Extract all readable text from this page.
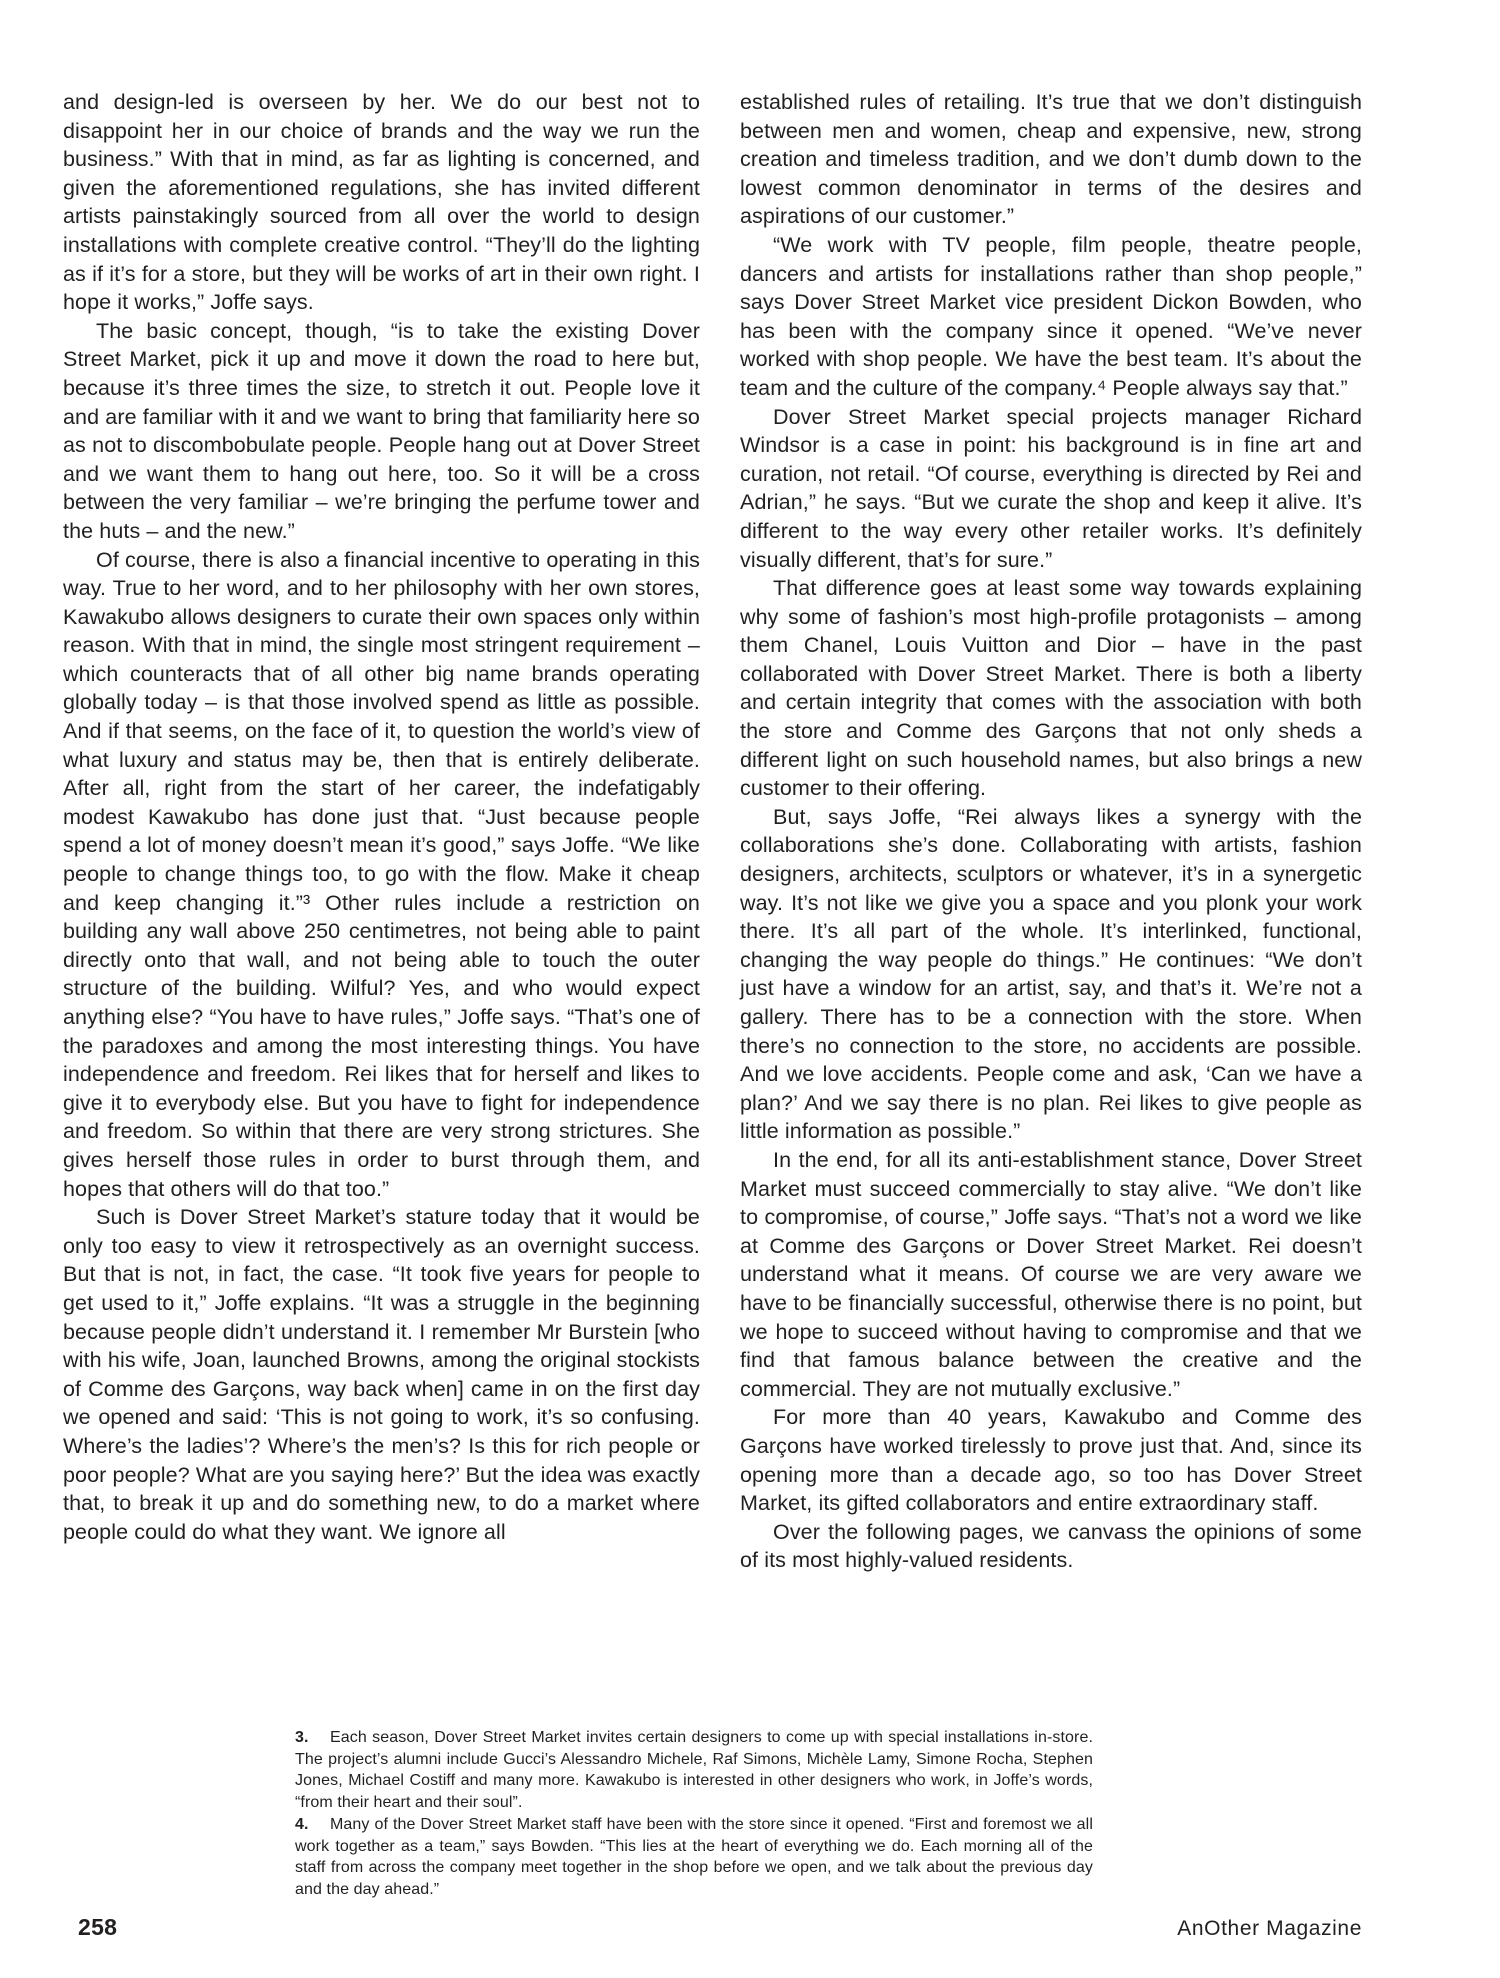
and design-led is overseen by her. We do our best not to disappoint her in our choice of brands and the way we run the business.” With that in mind, as far as lighting is concerned, and given the aforementioned regulations, she has invited different artists painstakingly sourced from all over the world to design installations with complete creative control. “They’ll do the lighting as if it’s for a store, but they will be works of art in their own right. I hope it works,” Joffe says.

The basic concept, though, “is to take the existing Dover Street Market, pick it up and move it down the road to here but, because it’s three times the size, to stretch it out. People love it and are familiar with it and we want to bring that familiarity here so as not to discombobulate people. People hang out at Dover Street and we want them to hang out here, too. So it will be a cross between the very familiar – we’re bringing the perfume tower and the huts – and the new.”

Of course, there is also a financial incentive to operating in this way. True to her word, and to her philosophy with her own stores, Kawakubo allows designers to curate their own spaces only within reason. With that in mind, the single most stringent requirement – which counteracts that of all other big name brands operating globally today – is that those involved spend as little as possible. And if that seems, on the face of it, to question the world’s view of what luxury and status may be, then that is entirely deliberate. After all, right from the start of her career, the indefatigably modest Kawakubo has done just that. “Just because people spend a lot of money doesn’t mean it’s good,” says Joffe. “We like people to change things too, to go with the flow. Make it cheap and keep changing it.”³ Other rules include a restriction on building any wall above 250 centimetres, not being able to paint directly onto that wall, and not being able to touch the outer structure of the building. Wilful? Yes, and who would expect anything else? “You have to have rules,” Joffe says. “That’s one of the paradoxes and among the most interesting things. You have independence and freedom. Rei likes that for herself and likes to give it to everybody else. But you have to fight for independence and freedom. So within that there are very strong strictures. She gives herself those rules in order to burst through them, and hopes that others will do that too.”

Such is Dover Street Market’s stature today that it would be only too easy to view it retrospectively as an overnight success. But that is not, in fact, the case. “It took five years for people to get used to it,” Joffe explains. “It was a struggle in the beginning because people didn’t understand it. I remember Mr Burstein [who with his wife, Joan, launched Browns, among the original stockists of Comme des Garçons, way back when] came in on the first day we opened and said: ‘This is not going to work, it’s so confusing. Where’s the ladies’? Where’s the men’s? Is this for rich people or poor people? What are you saying here?’ But the idea was exactly that, to break it up and do something new, to do a market where people could do what they want. We ignore all

established rules of retailing. It’s true that we don’t distinguish between men and women, cheap and expensive, new, strong creation and timeless tradition, and we don’t dumb down to the lowest common denominator in terms of the desires and aspirations of our customer.”

“We work with TV people, film people, theatre people, dancers and artists for installations rather than shop people,” says Dover Street Market vice president Dickon Bowden, who has been with the company since it opened. “We’ve never worked with shop people. We have the best team. It’s about the team and the culture of the company.⁴ People always say that.”

Dover Street Market special projects manager Richard Windsor is a case in point: his background is in fine art and curation, not retail. “Of course, everything is directed by Rei and Adrian,” he says. “But we curate the shop and keep it alive. It’s different to the way every other retailer works. It’s definitely visually different, that’s for sure.”

That difference goes at least some way towards explaining why some of fashion’s most high-profile protagonists – among them Chanel, Louis Vuitton and Dior – have in the past collaborated with Dover Street Market. There is both a liberty and certain integrity that comes with the association with both the store and Comme des Garçons that not only sheds a different light on such household names, but also brings a new customer to their offering.

But, says Joffe, “Rei always likes a synergy with the collaborations she’s done. Collaborating with artists, fashion designers, architects, sculptors or whatever, it’s in a synergetic way. It’s not like we give you a space and you plonk your work there. It’s all part of the whole. It’s interlinked, functional, changing the way people do things.” He continues: “We don’t just have a window for an artist, say, and that’s it. We’re not a gallery. There has to be a connection with the store. When there’s no connection to the store, no accidents are possible. And we love accidents. People come and ask, ‘Can we have a plan?’ And we say there is no plan. Rei likes to give people as little information as possible.”

In the end, for all its anti-establishment stance, Dover Street Market must succeed commercially to stay alive. “We don’t like to compromise, of course,” Joffe says. “That’s not a word we like at Comme des Garçons or Dover Street Market. Rei doesn’t understand what it means. Of course we are very aware we have to be financially successful, otherwise there is no point, but we hope to succeed without having to compromise and that we find that famous balance between the creative and the commercial. They are not mutually exclusive.”

For more than 40 years, Kawakubo and Comme des Garçons have worked tirelessly to prove just that. And, since its opening more than a decade ago, so too has Dover Street Market, its gifted collaborators and entire extraordinary staff.

Over the following pages, we canvass the opinions of some of its most highly-valued residents.

3. Each season, Dover Street Market invites certain designers to come up with special installations in-store. The project’s alumni include Gucci’s Alessandro Michele, Raf Simons, Michèle Lamy, Simone Rocha, Stephen Jones, Michael Costiff and many more. Kawakubo is interested in other designers who work, in Joffe’s words, “from their heart and their soul”.

4. Many of the Dover Street Market staff have been with the store since it opened. “First and foremost we all work together as a team,” says Bowden. “This lies at the heart of everything we do. Each morning all of the staff from across the company meet together in the shop before we open, and we talk about the previous day and the day ahead.”

258	AnOther Magazine
